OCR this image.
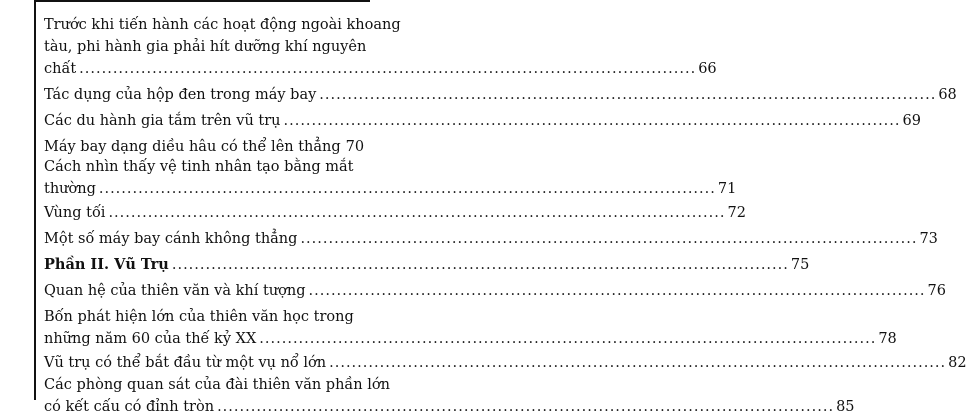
Trước khi tiến hành các hoạt động ngoài khoang
tàu, phi hành gia phải hít dưỡng khí nguyên
chất .....	66
Tác dụng của hộp đen trong máy bay .....	68
Các du hành gia tắm trên vũ trụ .....	69
Máy bay dạng diều hâu có thể lên thẳng 70
Cách nhìn thấy vệ tinh nhân tạo bằng mắt
thường .....	71
Vùng tối .....	72
Một số máy bay cánh không thẳng .....	73
Phần II. Vũ Trụ .....	75
Quan hệ của thiên văn và khí tượng .....	76
Bốn phát hiện lớn của thiên văn học trong
những năm 60 của thế kỷ XX .....	78
Vũ trụ có thể bắt đầu từ một vụ nổ lớn .....	82
Các phòng quan sát của đài thiên văn phần lớn
có kết cấu có đỉnh tròn .....	85
